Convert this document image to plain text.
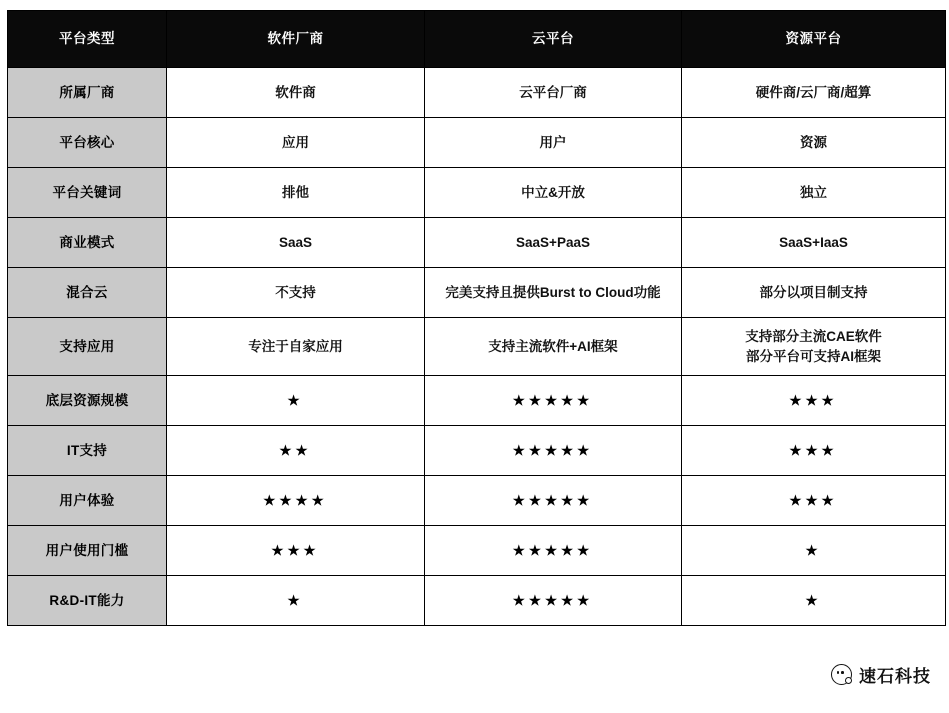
平台类型	软件厂商	云平台	资源平台
所属厂商	软件商	云平台厂商	硬件商/云厂商/超算
平台核心	应用	用户	资源
平台关键词	排他	中立&开放	独立
商业模式	SaaS	SaaS+PaaS	SaaS+IaaS
混合云	不支持	完美支持且提供Burst to Cloud功能	部分以项目制支持
支持应用	专注于自家应用	支持主流软件+AI框架	支持部分主流CAE软件
部分平台可支持AI框架
底层资源规模	★	★★★★★	★★★
IT支持	★★	★★★★★	★★★
用户体验	★★★★	★★★★★	★★★
用户使用门槛	★★★	★★★★★	★
R&D-IT能力	★	★★★★★	★
速石科技
